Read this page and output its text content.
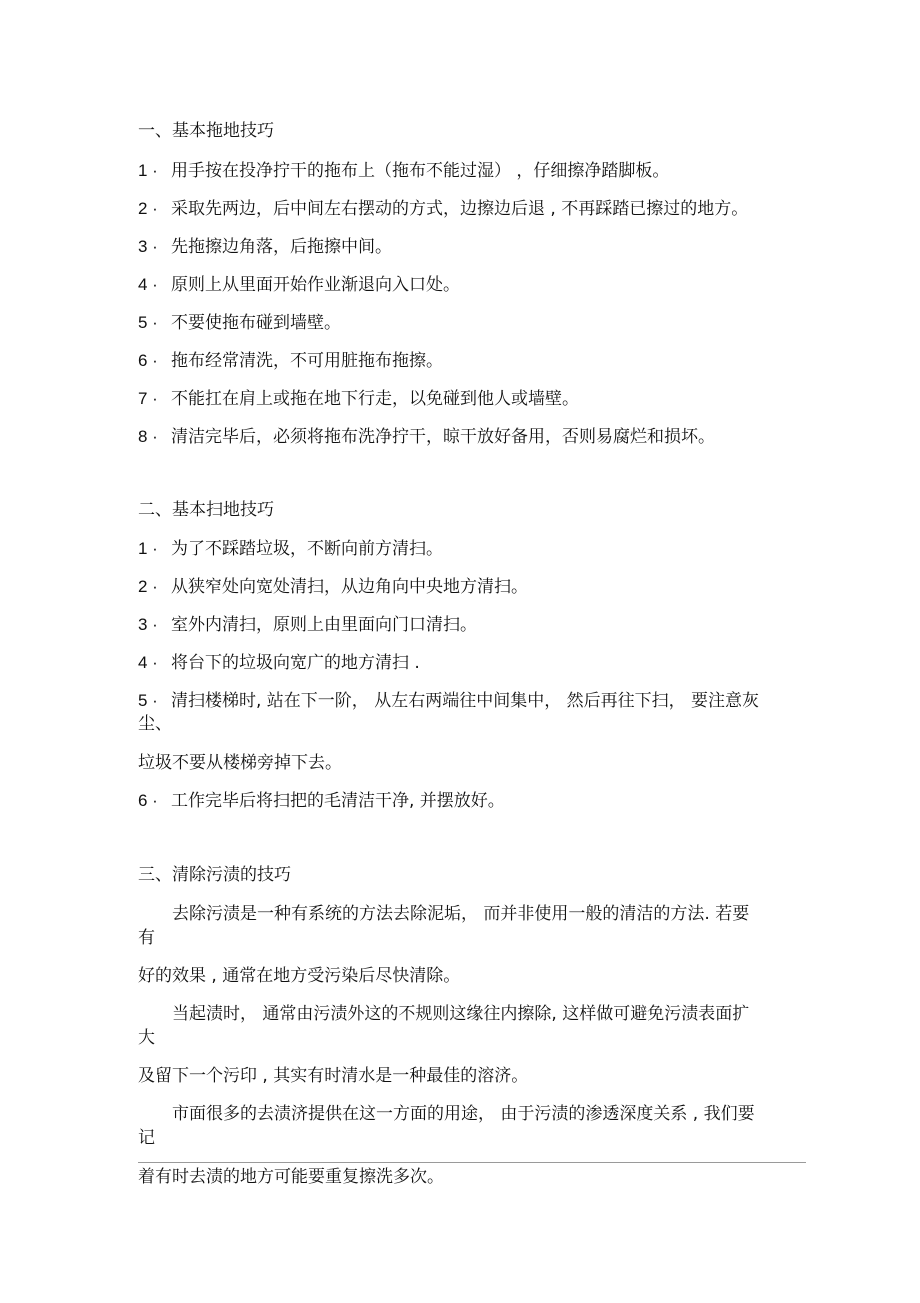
一、基本拖地技巧
1 · 用手按在投净拧干的拖布上（拖布不能过湿） ，仔细擦净踏脚板。
2 · 采取先两边，后中间左右摆动的方式，边擦边后退 , 不再踩踏已擦过的地方。
3 · 先拖擦边角落，后拖擦中间。
4 · 原则上从里面开始作业渐退向入口处。
5 · 不要使拖布碰到墙壁。
6 · 拖布经常清洗，不可用脏拖布拖擦。
7 · 不能扛在肩上或拖在地下行走，以免碰到他人或墙壁。
8 · 清洁完毕后，必须将拖布洗净拧干，晾干放好备用，否则易腐烂和损坏。
二、基本扫地技巧
1 · 为了不踩踏垃圾，不断向前方清扫。
2 · 从狭窄处向宽处清扫，从边角向中央地方清扫。
3 · 室外内清扫，原则上由里面向门口清扫。
4 · 将台下的垃圾向宽广的地方清扫 .
5 · 清扫楼梯时, 站在下一阶， 从左右两端往中间集中， 然后再往下扫， 要注意灰
尘、
垃圾不要从楼梯旁掉下去。
6 · 工作完毕后将扫把的毛清洁干净, 并摆放好。
三、清除污渍的技巧
去除污渍是一种有系统的方法去除泥垢， 而并非使用一般的清洁的方法. 若要
有
好的效果 , 通常在地方受污染后尽快清除。
当起渍时， 通常由污渍外这的不规则这缘往内擦除, 这样做可避免污渍表面扩
大
及留下一个污印 , 其实有时清水是一种最佳的溶济。
市面很多的去渍济提供在这一方面的用途， 由于污渍的渗透深度关系 , 我们要
记
着有时去渍的地方可能要重复擦洗多次。
